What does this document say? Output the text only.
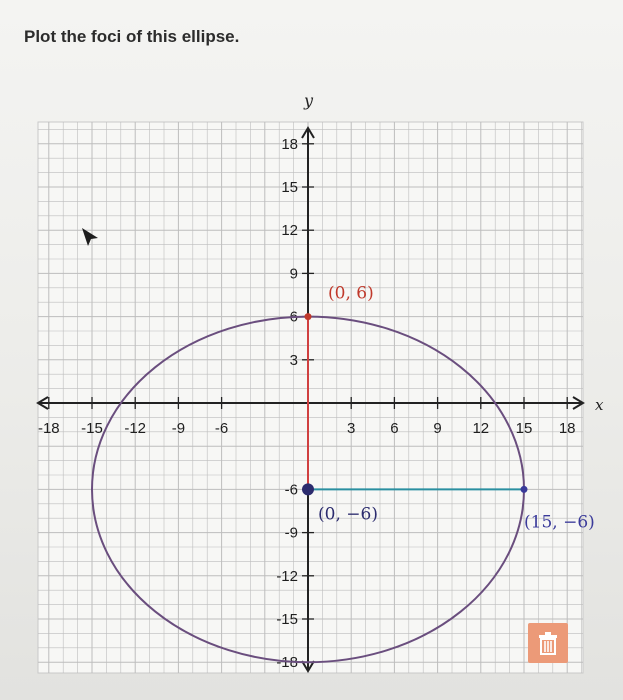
Plot the foci of this ellipse.
x
y
-18 -15 -12 -9 -6	3 6 9 12 15 18
18
15
12
9
6
3
-6
-9
-12
-15
-18
(0, 6)
(0, −6)	(15, −6)
